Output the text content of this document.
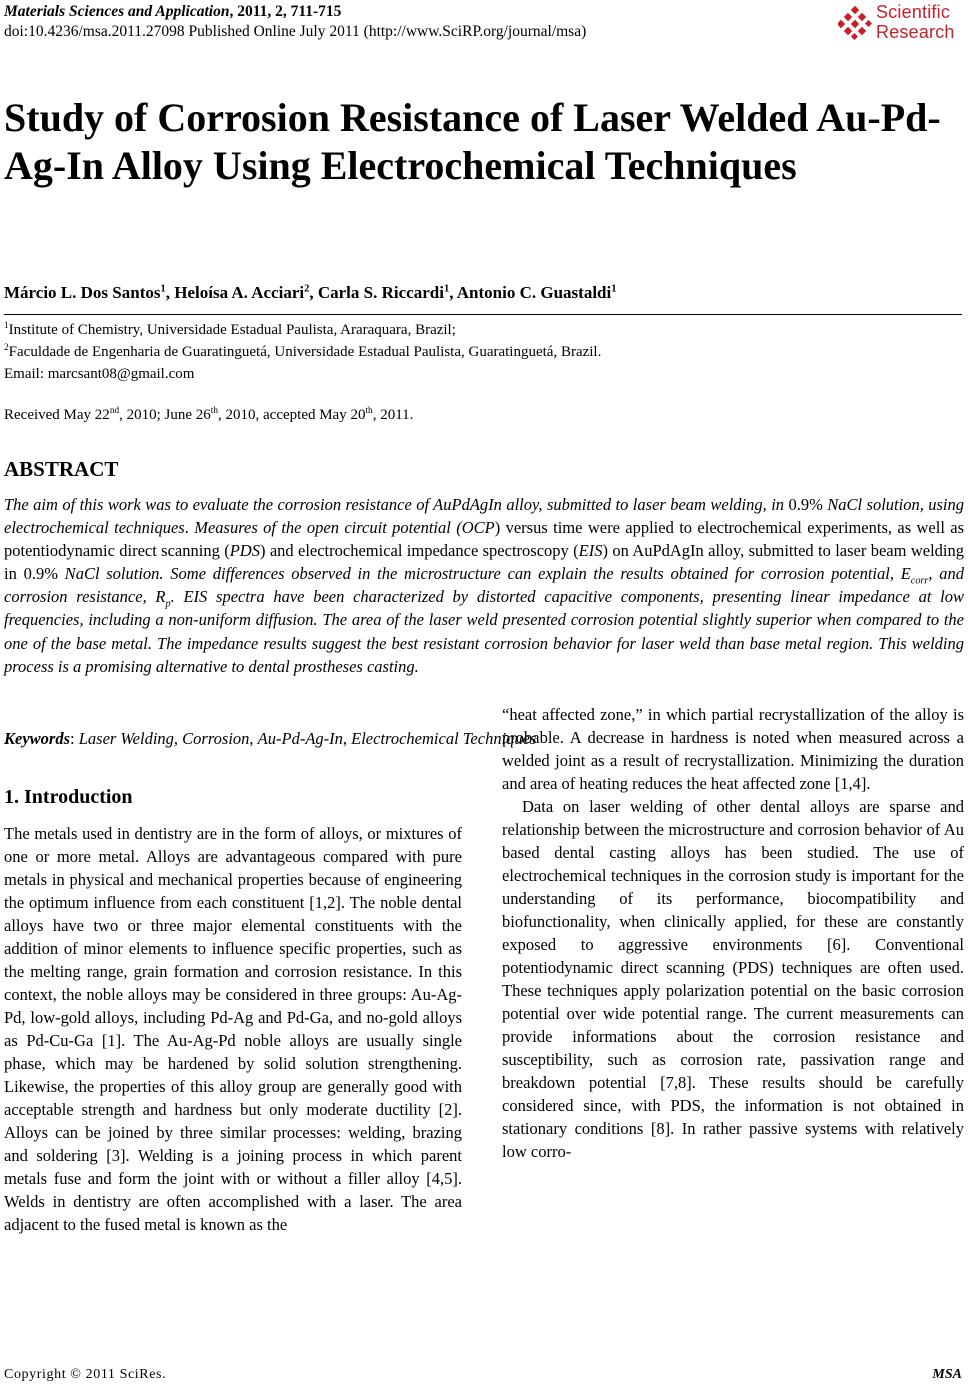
Materials Sciences and Application, 2011, 2, 711-715
doi:10.4236/msa.2011.27098 Published Online July 2011 (http://www.SciRP.org/journal/msa)
Scientific
Research
Study of Corrosion Resistance of Laser Welded Au-Pd-Ag-In Alloy Using Electrochemical Techniques
Márcio L. Dos Santos$^1$, Heloísa A. Acciari$^2$, Carla S. Riccardi$^1$, Antonio C. Guastaldi$^1$
$^1$Institute of Chemistry, Universidade Estadual Paulista, Araraquara, Brazil;
$^2$Faculdade de Engenharia de Guaratinguetá, Universidade Estadual Paulista, Guaratinguetá, Brazil.
Email: marcsant08@gmail.com
Received May 22nd, 2010; June 26th, 2010, accepted May 20th, 2011.
ABSTRACT
The aim of this work was to evaluate the corrosion resistance of AuPdAgIn alloy, submitted to laser beam welding, in 0.9% NaCl solution, using electrochemical techniques. Measures of the open circuit potential (OCP) versus time were applied to electrochemical experiments, as well as potentiodynamic direct scanning (PDS) and electrochemical impedance spectroscopy (EIS) on AuPdAgIn alloy, submitted to laser beam welding in 0.9% NaCl solution. Some differences observed in the microstructure can explain the results obtained for corrosion potential, $E_{corr}$, and corrosion resistance, $R_p$. EIS spectra have been characterized by distorted capacitive components, presenting linear impedance at low frequencies, including a non-uniform diffusion. The area of the laser weld presented corrosion potential slightly superior when compared to the one of the base metal. The impedance results suggest the best resistant corrosion behavior for laser weld than base metal region. This welding process is a promising alternative to dental prostheses casting.
Keywords: Laser Welding, Corrosion, Au-Pd-Ag-In, Electrochemical Techniques
1. Introduction

The metals used in dentistry are in the form of alloys, or mixtures of one or more metal. Alloys are advantageous compared with pure metals in physical and mechanical properties because of engineering the optimum influence from each constituent [1,2]. The noble dental alloys have two or three major elemental constituents with the addition of minor elements to influence specific properties, such as the melting range, grain formation and corrosion resistance. In this context, the noble alloys may be considered in three groups: Au-Ag-Pd, low-gold alloys, including Pd-Ag and Pd-Ga, and no-gold alloys as Pd-Cu-Ga [1]. The Au-Ag-Pd noble alloys are usually single phase, which may be hardened by solid solution strengthening. Likewise, the properties of this alloy group are generally good with acceptable strength and hardness but only moderate ductility [2]. Alloys can be joined by three similar processes: welding, brazing and soldering [3]. Welding is a joining process in which parent metals fuse and form the joint with or without a filler alloy [4,5]. Welds in dentistry are often accomplished with a laser. The area adjacent to the fused metal is known as the

“heat affected zone,” in which partial recrystallization of the alloy is probable. A decrease in hardness is noted when measured across a welded joint as a result of recrystallization. Minimizing the duration and area of heating reduces the heat affected zone [1,4].

Data on laser welding of other dental alloys are sparse and relationship between the microstructure and corrosion behavior of Au based dental casting alloys has been studied. The use of electrochemical techniques in the corrosion study is important for the understanding of its performance, biocompatibility and biofunctionality, when clinically applied, for these are constantly exposed to aggressive environments [6]. Conventional potentiodynamic direct scanning (PDS) techniques are often used. These techniques apply polarization potential on the basic corrosion potential over wide potential range. The current measurements can provide informations about the corrosion resistance and susceptibility, such as corrosion rate, passivation range and breakdown potential [7,8]. These results should be carefully considered since, with PDS, the information is not obtained in stationary conditions [8]. In rather passive systems with relatively low corro-

Copyright © 2011 SciRes.	MSA
